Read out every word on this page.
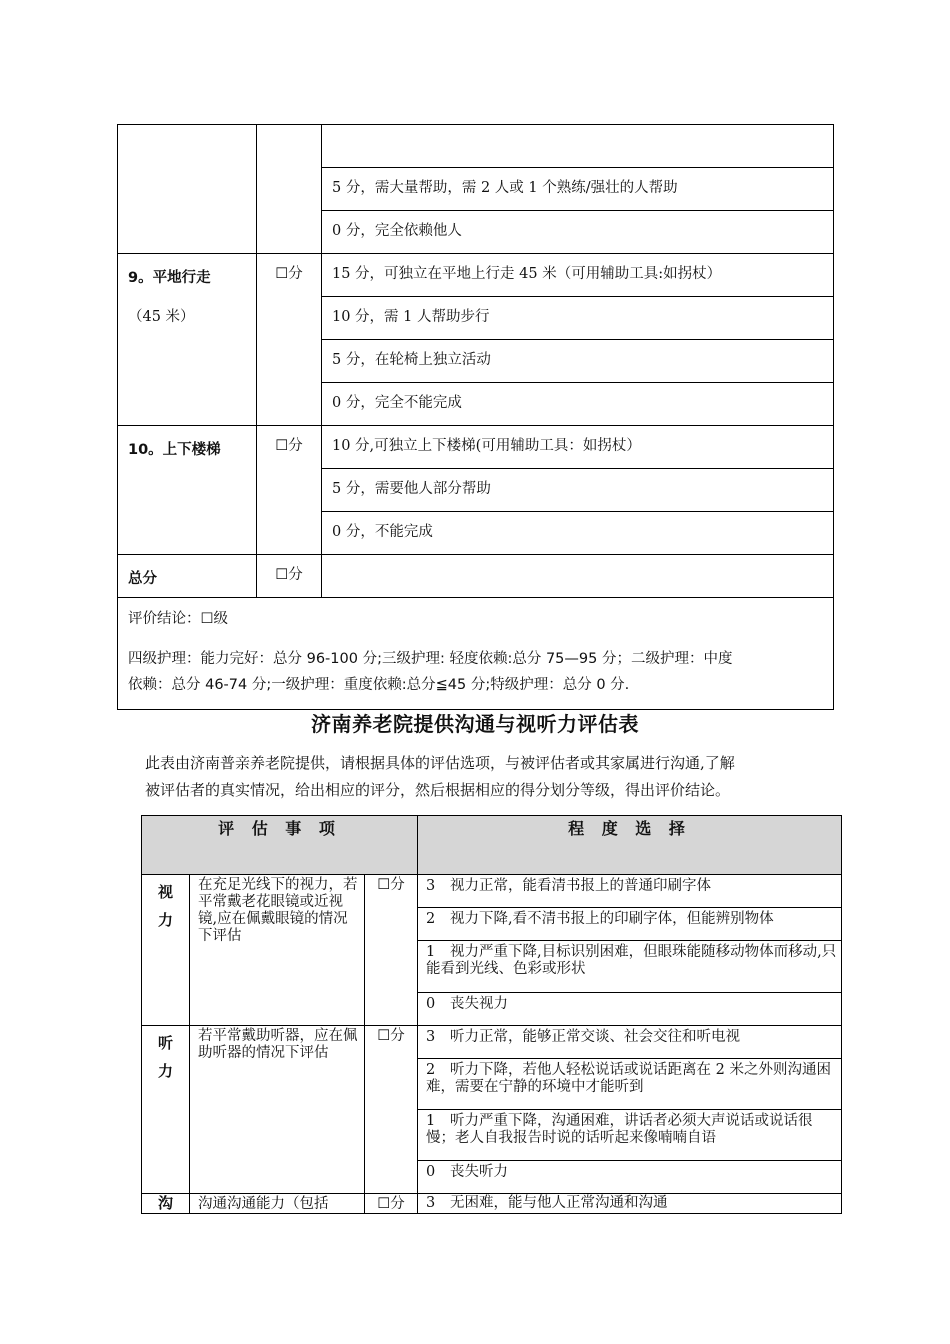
		5 分，需大量帮助，需 2 人或 1 个熟练/强壮的人帮助
		0 分，完全依赖他人
9。平地行走
（45 米）	☐分	15 分，可独立在平地上行走 45 米（可用辅助工具:如拐杖）
		10 分，需 1 人帮助步行
		5 分，在轮椅上独立活动
		0 分，完全不能完成
10。上下楼梯	☐分	10 分,可独立上下楼梯(可用辅助工具：如拐杖）
		5 分，需要他人部分帮助
		0 分，不能完成
总分	☐分	

评价结论：☐级

四级护理：能力完好：总分 96-100 分;三级护理: 轻度依赖:总分 75—95 分；二级护理：中度

依赖：总分 46-74 分;一级护理：重度依赖:总分≦45 分;特级护理：总分 0 分.		

济南养老院提供沟通与视听力评估表
此表由济南普亲养老院提供，请根据具体的评估选项，与被评估者或其家属进行沟通,了解
被评估者的真实情况，给出相应的评分，然后根据相应的得分划分等级，得出评价结论。
评 估 事 项			程 度 选 择

视
力	在充足光线下的视力，若平常戴老花眼镜或近视镜,应在佩戴眼镜的情况下评估	☐分	3 视力正常，能看清书报上的普通印刷字体
			2 视力下降,看不清书报上的印刷字体，但能辨别物体
			1 视力严重下降,目标识别困难，但眼珠能随移动物体而移动,只能看到光线、色彩或形状
			0 丧失视力

听
力	若平常戴助听器，应在佩助听器的情况下评估	☐分	3 听力正常，能够正常交谈、社会交往和听电视
			2 听力下降，若他人轻松说话或说话距离在 2 米之外则沟通困难，需要在宁静的环境中才能听到
			1 听力严重下降，沟通困难，讲话者必须大声说话或说话很慢；老人自我报告时说的话听起来像喃喃自语
			0 丧失听力

沟	沟通沟通能力（包括	☐分	3 无困难，能与他人正常沟通和沟通
